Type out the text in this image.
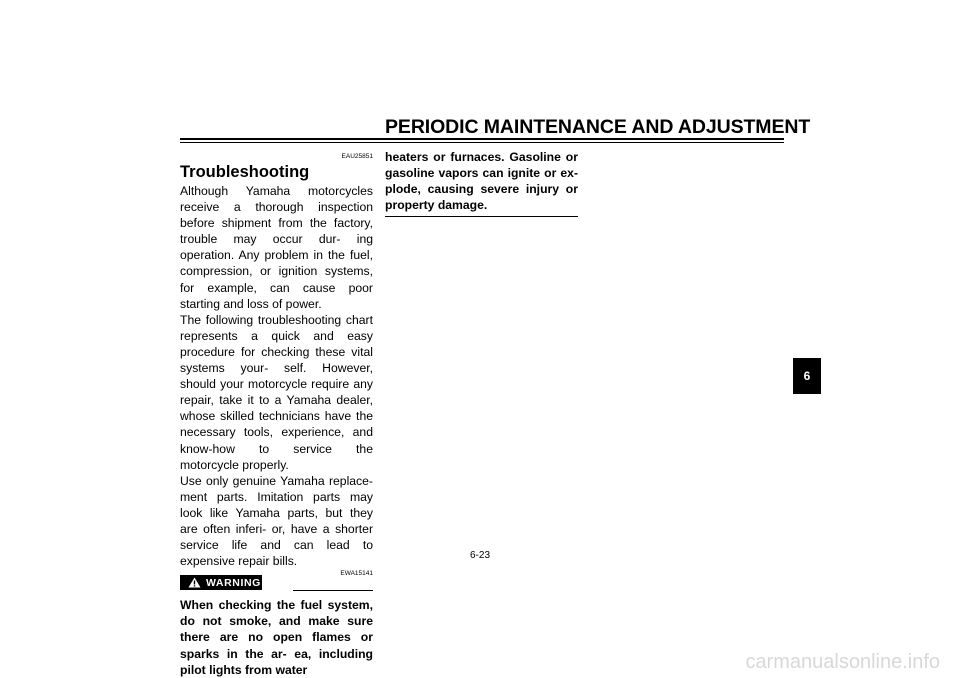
PERIODIC MAINTENANCE AND ADJUSTMENT
EAU25851
Troubleshooting

Although Yamaha motorcycles receive a thorough inspection before shipment from the factory, trouble may occur dur- ing operation. Any problem in the fuel, compression, or ignition systems, for example, can cause poor starting and loss of power.

The following troubleshooting chart represents a quick and easy procedure for checking these vital systems your- self. However, should your motorcycle require any repair, take it to a Yamaha dealer, whose skilled technicians have the necessary tools, experience, and know-how to service the motorcycle properly.

Use only genuine Yamaha replace- ment parts. Imitation parts may look like Yamaha parts, but they are often inferi- or, have a shorter service life and can lead to expensive repair bills.

WARNING
EWA15141

When checking the fuel system, do not smoke, and make sure there are no open flames or sparks in the ar- ea, including pilot lights from water

heaters or furnaces. Gasoline or gasoline vapors can ignite or ex- plode, causing severe injury or property damage.

6
6-23
carmanualsonline.info
